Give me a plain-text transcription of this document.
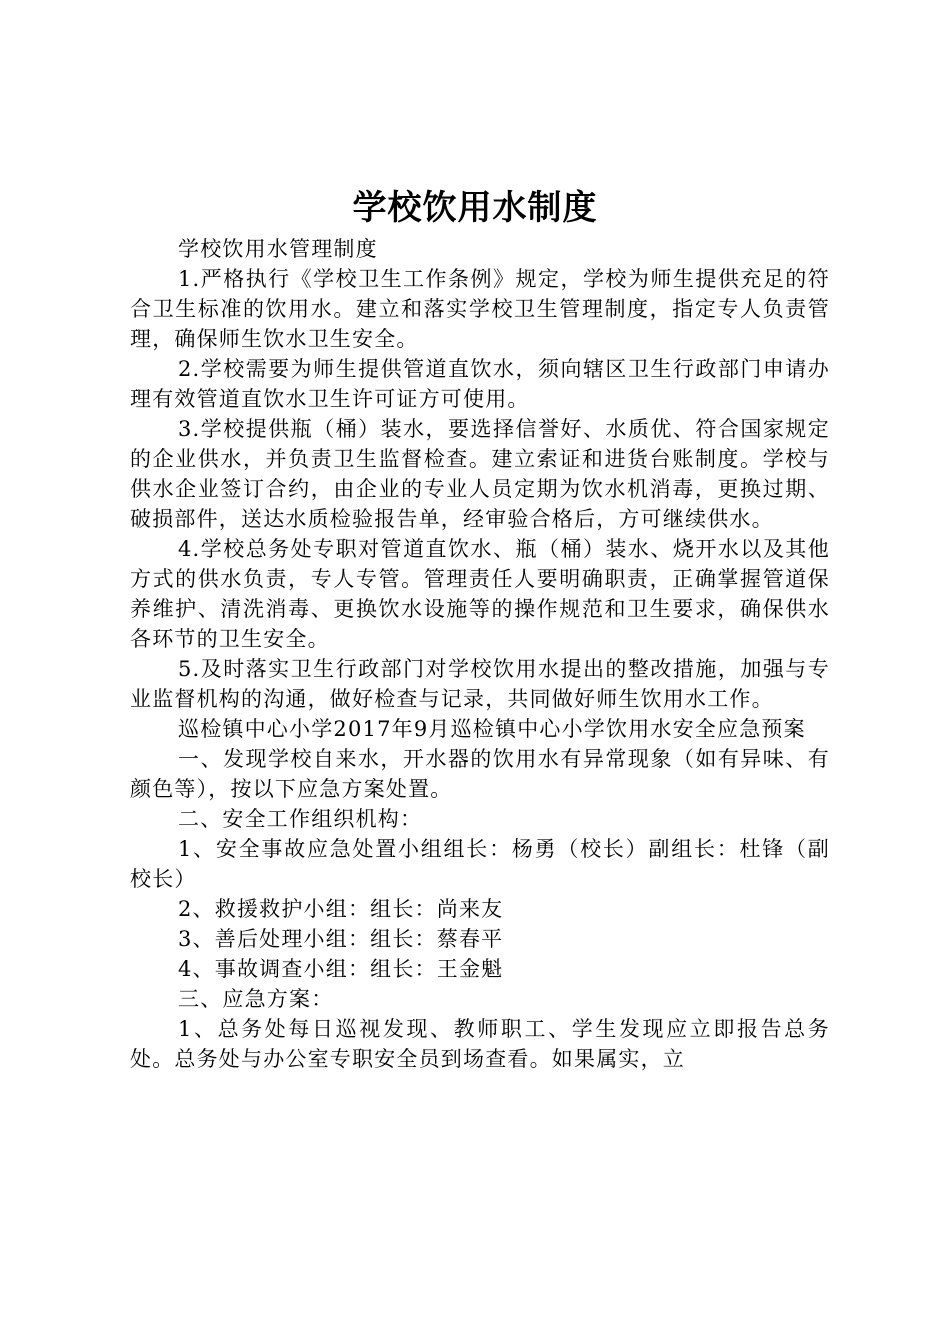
学校饮用水制度

学校饮用水管理制度

1.严格执行《学校卫生工作条例》规定，学校为师生提供充足的符合卫生标准的饮用水。建立和落实学校卫生管理制度，指定专人负责管理，确保师生饮水卫生安全。

2.学校需要为师生提供管道直饮水，须向辖区卫生行政部门申请办理有效管道直饮水卫生许可证方可使用。

3.学校提供瓶（桶）装水，要选择信誉好、水质优、符合国家规定的企业供水，并负责卫生监督检查。建立索证和进货台账制度。学校与供水企业签订合约，由企业的专业人员定期为饮水机消毒，更换过期、破损部件，送达水质检验报告单，经审验合格后，方可继续供水。

4.学校总务处专职对管道直饮水、瓶（桶）装水、烧开水以及其他方式的供水负责，专人专管。管理责任人要明确职责，正确掌握管道保养维护、清洗消毒、更换饮水设施等的操作规范和卫生要求，确保供水各环节的卫生安全。

5.及时落实卫生行政部门对学校饮用水提出的整改措施，加强与专业监督机构的沟通，做好检查与记录，共同做好师生饮用水工作。

巡检镇中心小学2017年9月巡检镇中心小学饮用水安全应急预案

一、发现学校自来水，开水器的饮用水有异常现象（如有异味、有颜色等），按以下应急方案处置。

二、安全工作组织机构：

1、安全事故应急处置小组组长：杨勇（校长）副组长：杜锋（副校长）

2、救援救护小组：组长：尚来友

3、善后处理小组：组长：蔡春平

4、事故调查小组：组长：王金魁

三、应急方案：

1、总务处每日巡视发现、教师职工、学生发现应立即报告总务处。总务处与办公室专职安全员到场查看。如果属实，立
